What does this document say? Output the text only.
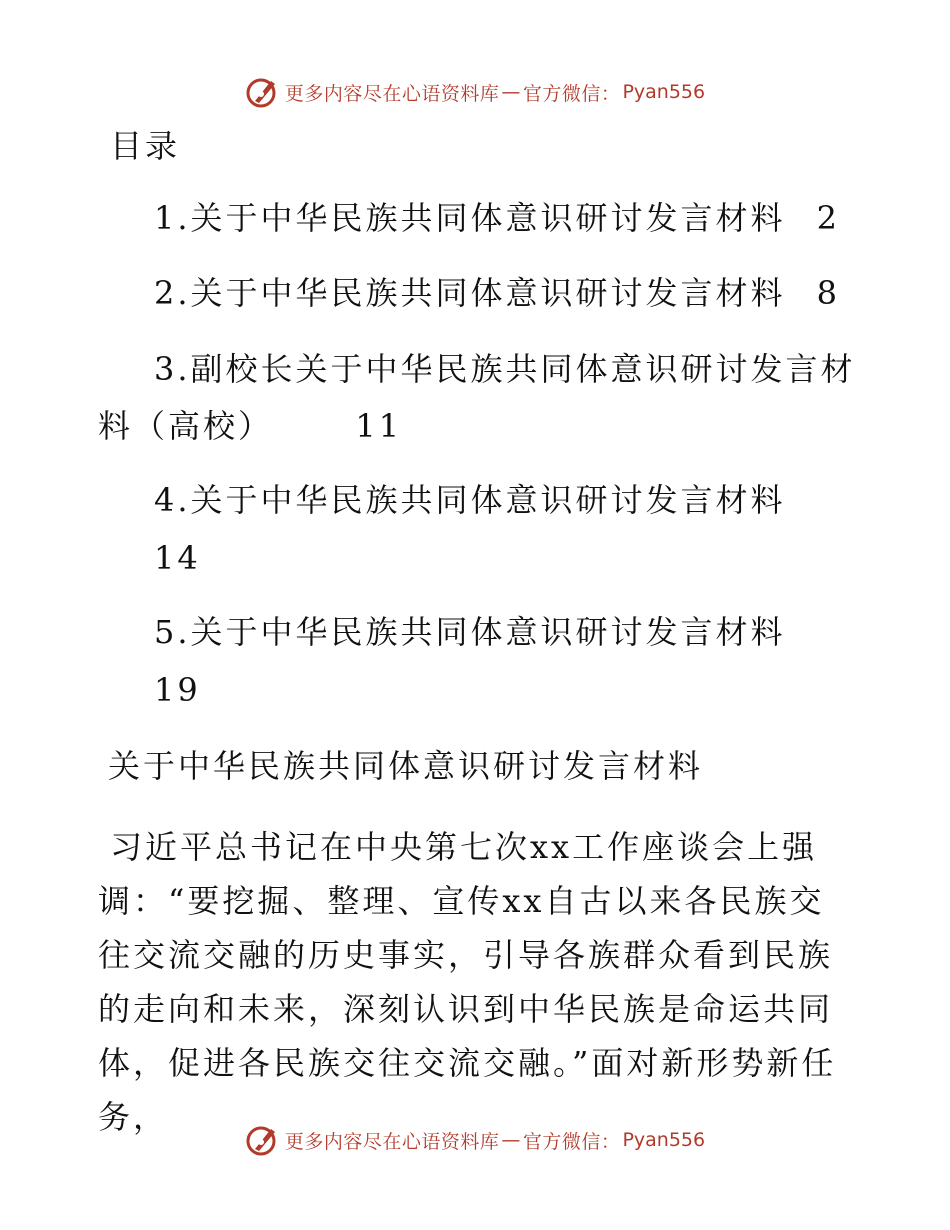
更多内容尽在心语资料库 — 官方微信： Pyan556
目录
1.关于中华民族共同体意识研讨发言材料 2
2.关于中华民族共同体意识研讨发言材料 8
3.副校长关于中华民族共同体意识研讨发言材
料（高校）	11
4.关于中华民族共同体意识研讨发言材料
14
5.关于中华民族共同体意识研讨发言材料
19
关于中华民族共同体意识研讨发言材料

习近平总书记在中央第七次xx工作座谈会上强调：“要挖掘、整理、宣传xx自古以来各民族交往交流交融的历史事实，引导各族群众看到民族的走向和未来，深刻认识到中华民族是命运共同体，促进各民族交往交流交融。”面对新形势新任务，

更多内容尽在心语资料库 — 官方微信： Pyan556
